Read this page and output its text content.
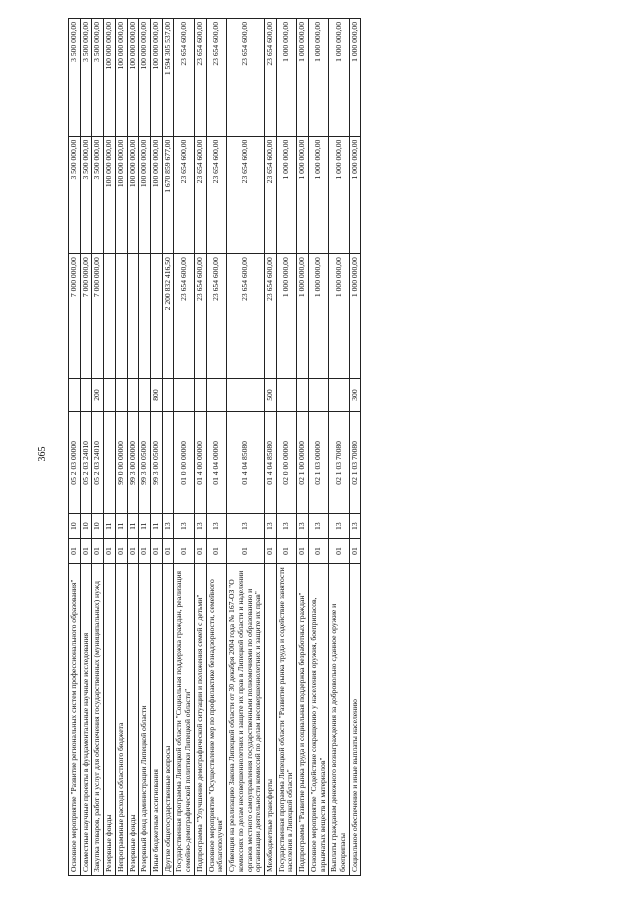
365
Основное мероприятие "Развитие региональных систем профессионального образования"	01	10	05 2 03 00000		7 000 000,00	3 500 000,00	3 500 000,00
Совместные научные проекты в фундаментальные научные исследования	01	10	05 2 03 24010		7 000 000,00	3 500 000,00	3 500 000,00
Закупка товаров, работ и услуг для обеспечения государственных (муниципальных) нужд	01	10	05 2 03 24010	200	7 000 000,00	3 500 000,00	3 500 000,00
Резервные фонды	01	11				100 000 000,00	100 000 000,00
Непрограммные расходы областного бюджета	01	11	99 0 00 00000			100 000 000,00	100 000 000,00
Резервные фонды	01	11	99 3 00 00000			100 000 000,00	100 000 000,00
Резервный фонд администрации Липецкой области	01	11	99 3 00 05000			100 000 000,00	100 000 000,00
Иные бюджетные ассигнования	01	11	99 3 00 05000	800		100 000 000,00	100 000 000,00
Другие общегосударственные вопросы	01	13			2 200 832 416,50	1 670 859 677,00	1 594 305 537,00
Государственная программа Липецкой области "Социальная поддержка граждан, реализация семейно-демографической политики Липецкой области"	01	13	01 0 00 00000		23 654 600,00	23 654 600,00	23 654 600,00
Подпрограмма "Улучшение демографической ситуации и положения семей с детьми"	01	13	01 4 00 00000		23 654 600,00	23 654 600,00	23 654 600,00
Основное мероприятие "Осуществление мер по профилактике безнадзорности, семейного неблагополучия"	01	13	01 4 04 00000		23 654 600,00	23 654 600,00	23 654 600,00
Субвенция на реализацию Закона Липецкой области от 30 декабря 2004 года № 167-ОЗ "О комиссиях по делам несовершеннолетних и защите их прав в Липецкой области и наделении органов местного самоуправления государственными полномочиями по образованию и организации деятельности комиссий по делам несовершеннолетних и защите их прав"	01	13	01 4 04 85080		23 654 600,00	23 654 600,00	23 654 600,00
Межбюджетные трансферты	01	13	01 4 04 85080	500	23 654 600,00	23 654 600,00	23 654 600,00
Государственная программа Липецкой области "Развитие рынка труда и содействие занятости населения в Липецкой области"	01	13	02 0 00 00000		1 000 000,00	1 000 000,00	1 000 000,00
Подпрограмма "Развитие рынка труда и социальная поддержка безработных граждан"	01	13	02 1 00 00000		1 000 000,00	1 000 000,00	1 000 000,00
Основное мероприятие "Содействие сокращению у населения оружия, боеприпасов, взрывчатых веществ и материалов"	01	13	02 1 03 00000		1 000 000,00	1 000 000,00	1 000 000,00
Выплаты гражданам денежного вознаграждения за добровольно сданное оружие и боеприпасы	01	13	02 1 03 70080		1 000 000,00	1 000 000,00	1 000 000,00
Социальное обеспечение и иные выплаты населению	01	13	02 1 03 70080	300	1 000 000,00	1 000 000,00	1 000 000,00
